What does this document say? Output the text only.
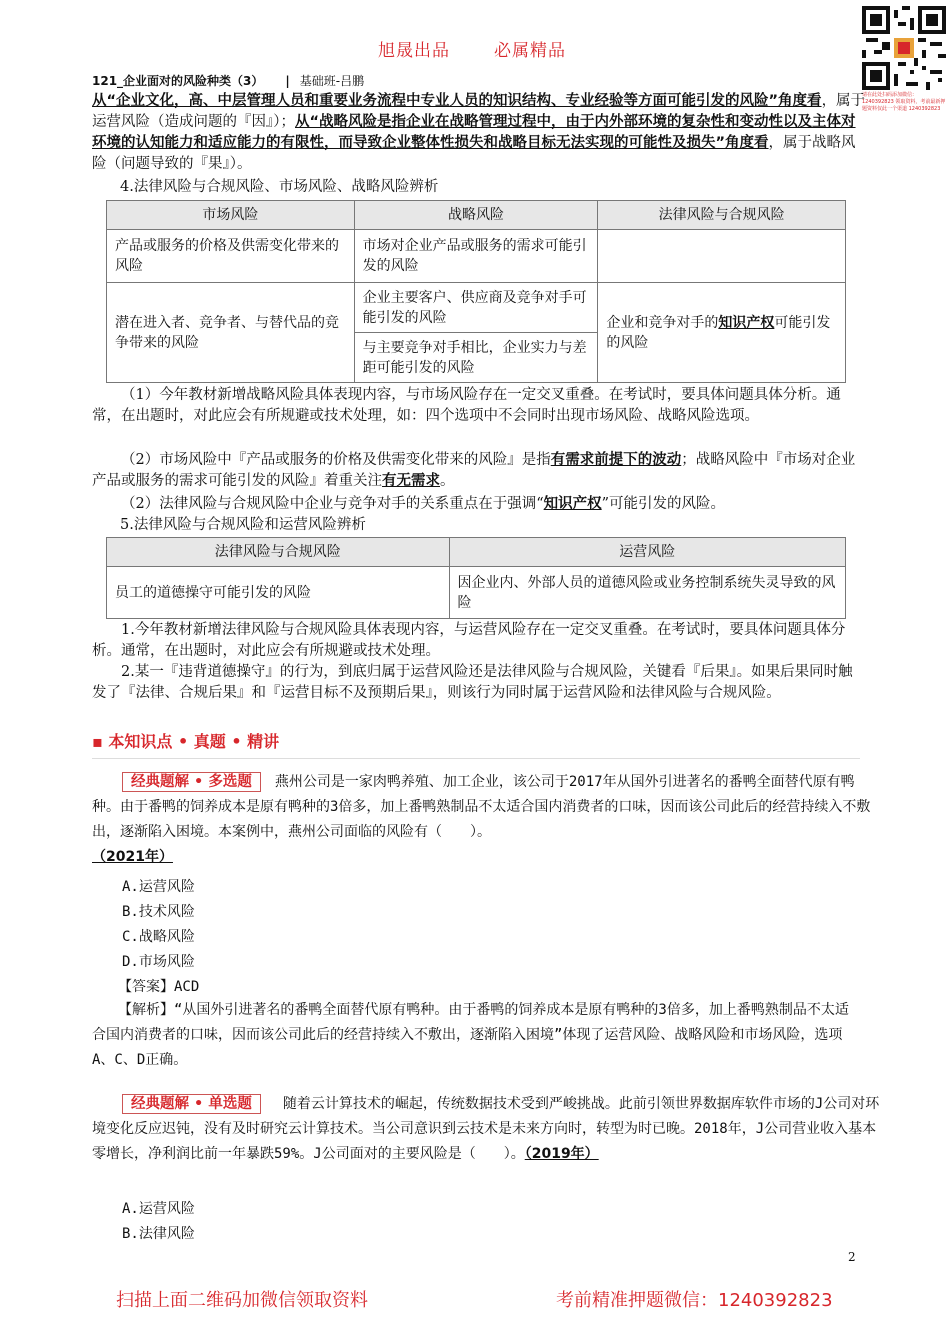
旭晟出品	必属精品
请在此处扫码添加微信：1240392823 领取资料，考前最新押题资料仅此一个渠道 1240392823
121_企业面对的风险种类（3） | 基础班-吕鹏
从“企业文化，高、中层管理人员和重要业务流程中专业人员的知识结构、专业经验等方面可能引发的风险”角度看，属于运营风险（造成问题的『因』）；从“战略风险是指企业在战略管理过程中，由于内外部环境的复杂性和变动性以及主体对环境的认知能力和适应能力的有限性，而导致企业整体性损失和战略目标无法实现的可能性及损失”角度看，属于战略风险（问题导致的『果』）。
4.法律风险与合规风险、市场风险、战略风险辨析
市场风险	战略风险	法律风险与合规风险
产品或服务的价格及供需变化带来的风险	市场对企业产品或服务的需求可能引发的风险	
潜在进入者、竞争者、与替代品的竞争带来的风险	企业主要客户、供应商及竞争对手可能引发的风险	企业和竞争对手的知识产权可能引发的风险
	与主要竞争对手相比，企业实力与差距可能引发的风险	
（1）今年教材新增战略风险具体表现内容，与市场风险存在一定交叉重叠。在考试时，要具体问题具体分析。通常，在出题时，对此应会有所规避或技术处理，如：四个选项中不会同时出现市场风险、战略风险选项。
（2）市场风险中『产品或服务的价格及供需变化带来的风险』是指有需求前提下的波动；战略风险中『市场对企业产品或服务的需求可能引发的风险』着重关注有无需求。
（2）法律风险与合规风险中企业与竞争对手的关系重点在于强调“知识产权”可能引发的风险。
5.法律风险与合规风险和运营风险辨析
法律风险与合规风险	运营风险
员工的道德操守可能引发的风险	因企业内、外部人员的道德风险或业务控制系统失灵导致的风险
1.今年教材新增法律风险与合规风险具体表现内容，与运营风险存在一定交叉重叠。在考试时，要具体问题具体分析。通常，在出题时，对此应会有所规避或技术处理。
2.某一『违背道德操守』的行为，到底归属于运营风险还是法律风险与合规风险，关键看『后果』。如果后果同时触发了『法律、合规后果』和『运营目标不及预期后果』，则该行为同时属于运营风险和法律风险与合规风险。
▪ 本知识点 • 真题 • 精讲
经典题解 • 多选题 燕州公司是一家肉鸭养殖、加工企业，该公司于2017年从国外引进著名的番鸭全面替代原有鸭种。由于番鸭的饲养成本是原有鸭种的3倍多，加上番鸭熟制品不太适合国内消费者的口味，因而该公司此后的经营持续入不敷出，逐渐陷入困境。本案例中，燕州公司面临的风险有（　　）。
（2021年）
A.运营风险
B.技术风险
C.战略风险
D.市场风险
【答案】ACD
【解析】“从国外引进著名的番鸭全面替代原有鸭种。由于番鸭的饲养成本是原有鸭种的3倍多，加上番鸭熟制品不太适合国内消费者的口味，因而该公司此后的经营持续入不敷出，逐渐陷入困境”体现了运营风险、战略风险和市场风险，选项A、C、D正确。
经典题解 • 单选题 随着云计算技术的崛起，传统数据技术受到严峻挑战。此前引领世界数据库软件市场的J公司对环境变化反应迟钝，没有及时研究云计算技术。当公司意识到云技术是未来方向时，转型为时已晚。2018年，J公司营业收入基本零增长，净利润比前一年暴跌59%。J公司面对的主要风险是（　　）。（2019年）
A.运营风险
B.法律风险
2
扫描上面二维码加微信领取资料	考前精准押题微信：1240392823
